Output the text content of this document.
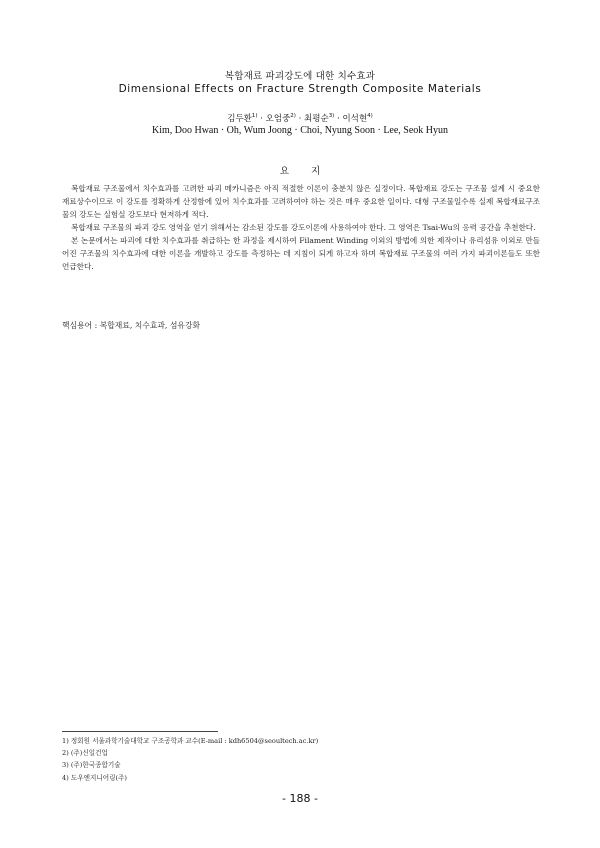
복합재료 파괴강도에 대한 치수효과
Dimensional Effects on Fracture Strength Composite Materials
김두환$^{1)}$ · 오엄중$^{2)}$ · 최평순$^{3)}$ · 이석현$^{4)}$
Kim, Doo Hwan · Oh, Wum Joong · Choi, Nyung Soon · Lee, Seok Hyun
요지

복합재료 구조물에서 치수효과를 고려한 파괴 메카니즘은 아직 적절한 이론이 충분치 않은 실정이다. 복합재료 강도는 구조물 설계 시 중요한 재료상수이므로 이 강도를 정확하게 산정함에 있어 치수효과를 고려하여야 하는 것은 매우 중요한 일이다. 대형 구조물일수록 실제 복합재료구조물의 강도는 실험실 강도보다 현저하게 적다.

복합재료 구조물의 파괴 강도 영역을 얻기 위해서는 감소된 강도를 강도이론에 사용하여야 한다. 그 영역은 Tsai-Wu의 응력 공간을 추천한다.

본 논문에서는 파괴에 대한 치수효과를 취급하는 한 과정을 제시하여 Filament Winding 이외의 방법에 의한 제작이나 유리섬유 이외로 만들어진 구조물의 치수효과에 대한 이론을 개발하고 강도를 측정하는 데 지침이 되게 하고자 하며 복합재료 구조물의 여러 가지 파괴이론들도 또한 언급한다.

핵심용어 : 복합재료, 치수효과, 섬유강화
1) 정회원 서울과학기술대학교 구조공학과 교수(E-mail : kdh6504@seoultech.ac.kr)
2) (주)신일건업
3) (주)한국종합기술
4) 도우엔지니어링(주)
- 188 -
